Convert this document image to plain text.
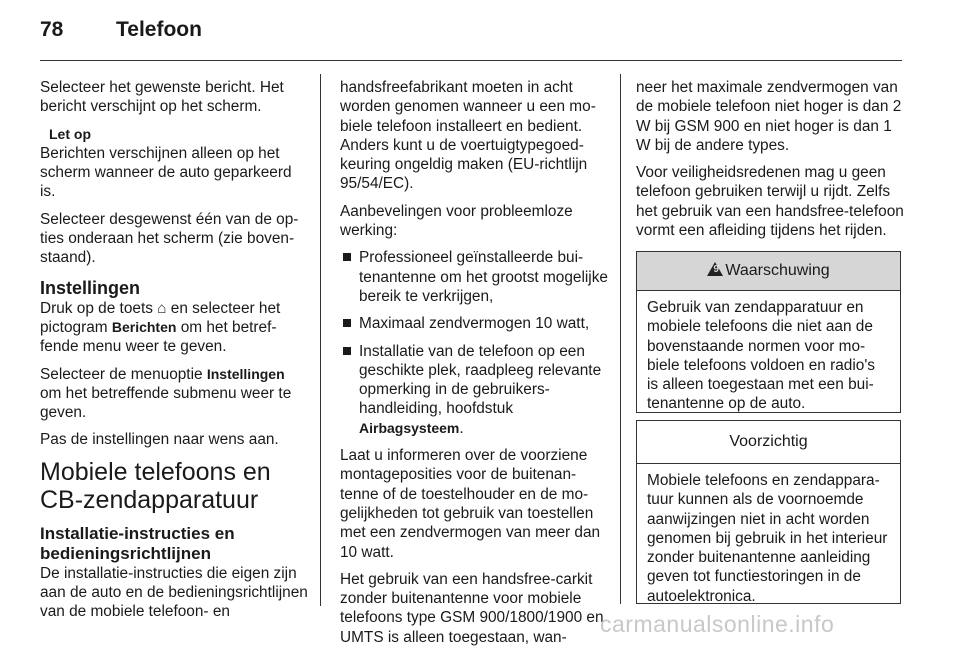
78	Telefoon

Selecteer het gewenste bericht. Het bericht verschijnt op het scherm.

Let op

Berichten verschijnen alleen op het scherm wanneer de auto geparkeerd is.

Selecteer desgewenst één van de opties onderaan het scherm (zie bovenstaand).

Instellingen

Druk op de toets ⌂ en selecteer het pictogram Berichten om het betreffende menu weer te geven.

Selecteer de menuoptie Instellingen om het betreffende submenu weer te geven.

Pas de instellingen naar wens aan.

Mobiele telefoons en CB-zendapparatuur
Installatie-instructies en bedieningsrichtlijnen

De installatie-instructies die eigen zijn aan de auto en de bedieningsrichtlijnen van de mobiele telefoon- en

handsfreefabrikant moeten in acht worden genomen wanneer u een mobiele telefoon installeert en bedient. Anders kunt u de voertuigtypegoedkeuring ongeldig maken (EU-richtlijn 95/54/EC).

Aanbevelingen voor probleemloze werking:

Professioneel geïnstalleerde buitenantenne om het grootst mogelijke bereik te verkrijgen,
Maximaal zendvermogen 10 watt,
Installatie van de telefoon op een geschikte plek, raadpleeg relevante opmerking in de gebruikershandleiding, hoofdstuk Airbagsysteem.

Laat u informeren over de voorziene montageposities voor de buitenantenne of de toestelhouder en de mogelijkheden tot gebruik van toestellen met een zendvermogen van meer dan 10 watt.

Het gebruik van een handsfree-carkit zonder buitenantenne voor mobiele telefoons type GSM 900/1800/1900 en UMTS is alleen toegestaan, wan-

neer het maximale zendvermogen van de mobiele telefoon niet hoger is dan 2 W bij GSM 900 en niet hoger is dan 1 W bij de andere types.

Voor veiligheidsredenen mag u geen telefoon gebruiken terwijl u rijdt. Zelfs het gebruik van een handsfree-telefoon vormt een afleiding tijdens het rijden.

9 Waarschuwing
Gebruik van zendapparatuur en mobiele telefoons die niet aan de bovenstaande normen voor mobiele telefoons voldoen en radio's is alleen toegestaan met een buitenantenne op de auto.
Voorzichtig
Mobiele telefoons en zendapparatuur kunnen als de voornoemde aanwijzingen niet in acht worden genomen bij gebruik in het interieur zonder buitenantenne aanleiding geven tot functiestoringen in de autoelektronica.
carmanualsonline.info
